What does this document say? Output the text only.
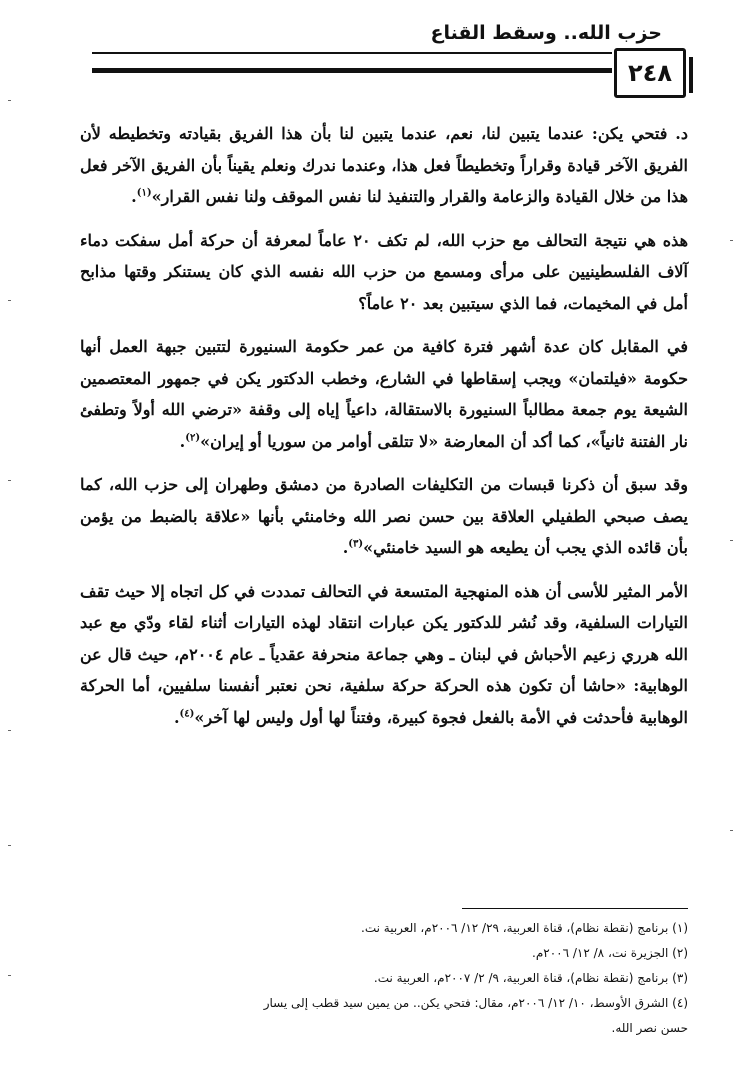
حزب الله.. وسقط القناع
٢٤٨

د. فتحي يكن: عندما يتبين لنا، نعم، عندما يتبين لنا بأن هذا الفريق بقيادته وتخطيطه لأن الفريق الآخر قيادة وقراراً وتخطيطاً فعل هذا، وعندما ندرك ونعلم يقيناً بأن الفريق الآخر فعل هذا من خلال القيادة والزعامة والقرار والتنفيذ لنا نفس الموقف ولنا نفس القرار»$^{(١)}$.

هذه هي نتيجة التحالف مع حزب الله، لم تكف ٢٠ عاماً لمعرفة أن حركة أمل سفكت دماء آلاف الفلسطينيين على مرأى ومسمع من حزب الله نفسه الذي كان يستنكر وقتها مذابح أمل في المخيمات، فما الذي سيتبين بعد ٢٠ عاماً؟

في المقابل كان عدة أشهر فترة كافية من عمر حكومة السنيورة لتتبين جبهة العمل أنها حكومة «فيلتمان» ويجب إسقاطها في الشارع، وخطب الدكتور يكن في جمهور المعتصمين الشيعة يوم جمعة مطالباً السنيورة بالاستقالة، داعياً إياه إلى وقفة «ترضي الله أولاً وتطفئ نار الفتنة ثانياً»، كما أكد أن المعارضة «لا تتلقى أوامر من سوريا أو إيران»$^{(٢)}$.

وقد سبق أن ذكرنا قبسات من التكليفات الصادرة من دمشق وطهران إلى حزب الله، كما يصف صبحي الطفيلي العلاقة بين حسن نصر الله وخامنئي بأنها «علاقة بالضبط من يؤمن بأن قائده الذي يجب أن يطيعه هو السيد خامنئي»$^{(٣)}$.

الأمر المثير للأسى أن هذه المنهجية المتسعة في التحالف تمددت في كل اتجاه إلا حيث تقف التيارات السلفية، وقد نُشر للدكتور يكن عبارات انتقاد لهذه التيارات أثناء لقاء ودّي مع عبد الله هرري زعيم الأحباش في لبنان ـ وهي جماعة منحرفة عقدياً ـ عام ٢٠٠٤م، حيث قال عن الوهابية: «حاشا أن تكون هذه الحركة حركة سلفية، نحن نعتبر أنفسنا سلفيين، أما الحركة الوهابية فأحدثت في الأمة بالفعل فجوة كبيرة، وفتناً لها أول وليس لها آخر»$^{(٤)}$.

(١) برنامج (نقطة نظام)، قناة العربية، ٢٩/ ١٢/ ٢٠٠٦م، العربية نت.

(٢) الجزيرة نت، ٨/ ١٢/ ٢٠٠٦م.

(٣) برنامج (نقطة نظام)، قناة العربية، ٩/ ٢/ ٢٠٠٧م، العربية نت.

(٤) الشرق الأوسط، ١٠/ ١٢/ ٢٠٠٦م، مقال: فتحي يكن.. من يمين سيد قطب إلى يسار

حسن نصر الله.
